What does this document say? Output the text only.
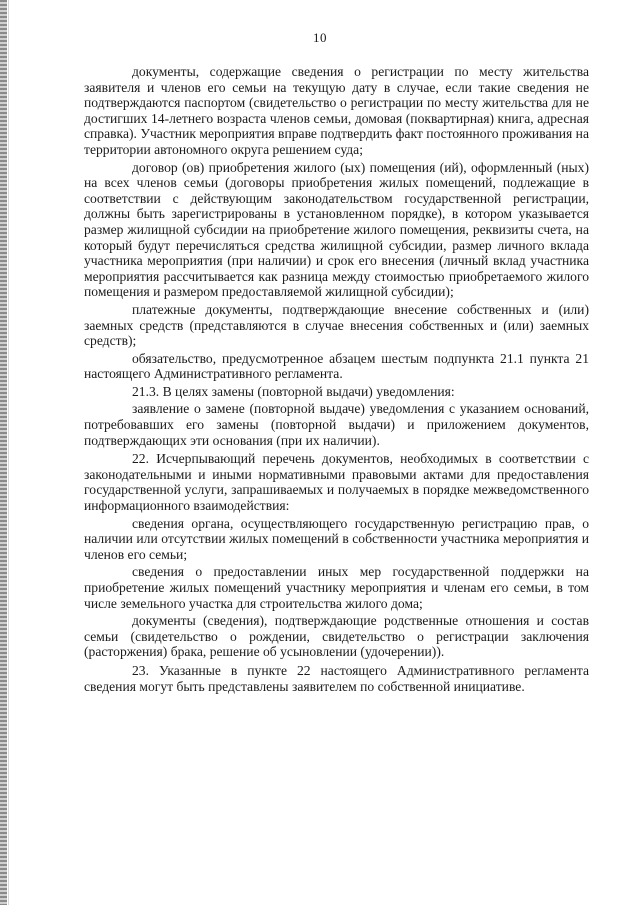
10

документы, содержащие сведения о регистрации по месту жительства заявителя и членов его семьи на текущую дату в случае, если такие сведения не подтверждаются паспортом (свидетельство о регистрации по месту жительства для не достигших 14-летнего возраста членов семьи, домовая (поквартирная) книга, адресная справка). Участник мероприятия вправе подтвердить факт постоянного проживания на территории автономного округа решением суда;

договор (ов) приобретения жилого (ых) помещения (ий), оформленный (ных) на всех членов семьи (договоры приобретения жилых помещений, подлежащие в соответствии с действующим законодательством государственной регистрации, должны быть зарегистрированы в установленном порядке), в котором указывается размер жилищной субсидии на приобретение жилого помещения, реквизиты счета, на который будут перечисляться средства жилищной субсидии, размер личного вклада участника мероприятия (при наличии) и срок его внесения (личный вклад участника мероприятия рассчитывается как разница между стоимостью приобретаемого жилого помещения и размером предоставляемой жилищной субсидии);

платежные документы, подтверждающие внесение собственных и (или) заемных средств (представляются в случае внесения собственных и (или) заемных средств);

обязательство, предусмотренное абзацем шестым подпункта 21.1 пункта 21 настоящего Административного регламента.

21.3. В целях замены (повторной выдачи) уведомления:

заявление о замене (повторной выдаче) уведомления с указанием оснований, потребовавших его замены (повторной выдачи) и приложением документов, подтверждающих эти основания (при их наличии).

22. Исчерпывающий перечень документов, необходимых в соответствии с законодательными и иными нормативными правовыми актами для предоставления государственной услуги, запрашиваемых и получаемых в порядке межведомственного информационного взаимодействия:

сведения органа, осуществляющего государственную регистрацию прав, о наличии или отсутствии жилых помещений в собственности участника мероприятия и членов его семьи;

сведения о предоставлении иных мер государственной поддержки на приобретение жилых помещений участнику мероприятия и членам его семьи, в том числе земельного участка для строительства жилого дома;

документы (сведения), подтверждающие родственные отношения и состав семьи (свидетельство о рождении, свидетельство о регистрации заключения (расторжения) брака, решение об усыновлении (удочерении)).

23. Указанные в пункте 22 настоящего Административного регламента сведения могут быть представлены заявителем по собственной инициативе.
